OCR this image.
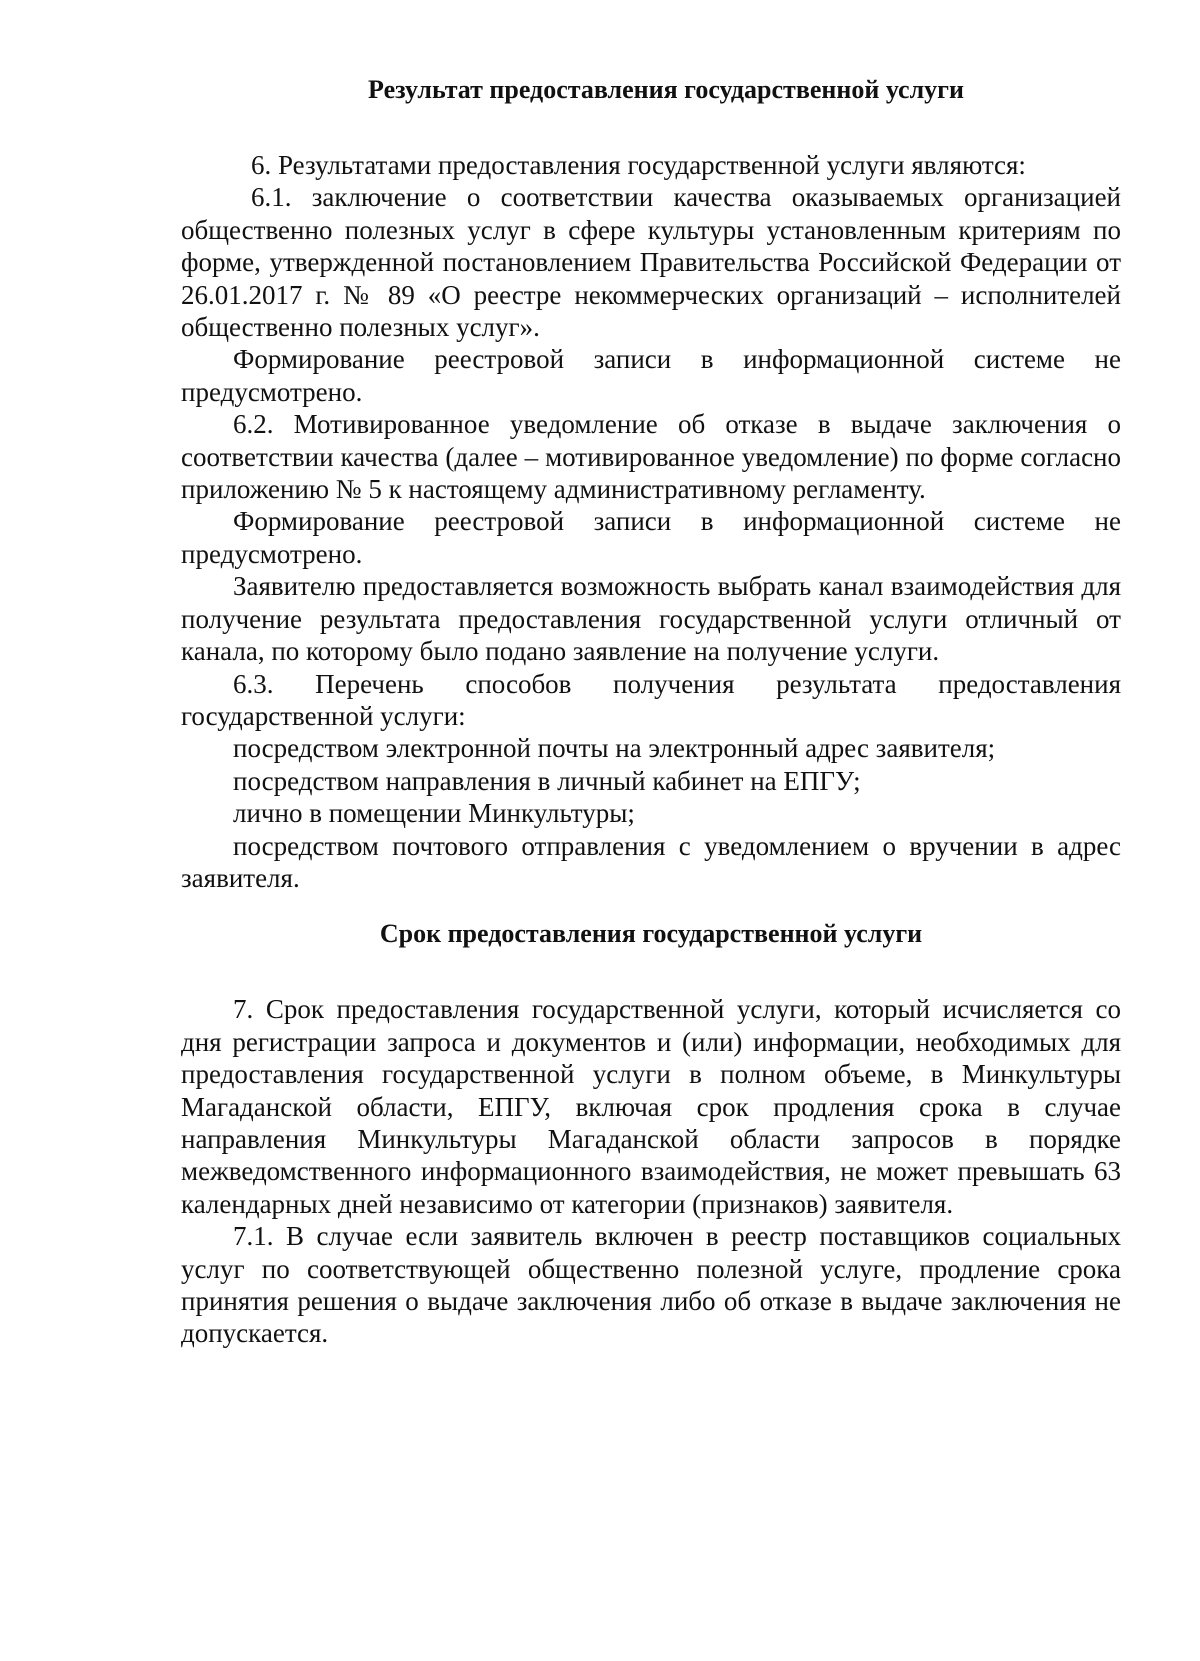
Результат предоставления государственной услуги

6. Результатами предоставления государственной услуги являются:

6.1. заключение о соответствии качества оказываемых организацией общественно полезных услуг в сфере культуры установленным критериям по форме, утвержденной постановлением Правительства Российской Федерации от 26.01.2017 г. № 89 «О реестре некоммерческих организаций – исполнителей общественно полезных услуг».

Формирование реестровой записи в информационной системе не предусмотрено.

6.2. Мотивированное уведомление об отказе в выдаче заключения о соответствии качества (далее – мотивированное уведомление) по форме согласно приложению № 5 к настоящему административному регламенту.

Формирование реестровой записи в информационной системе не предусмотрено.

Заявителю предоставляется возможность выбрать канал взаимодействия для получение результата предоставления государственной услуги отличный от канала, по которому было подано заявление на получение услуги.

6.3. Перечень способов получения результата предоставления государственной услуги:

посредством электронной почты на электронный адрес заявителя;

посредством направления в личный кабинет на ЕПГУ;

лично в помещении Минкультуры;

посредством почтового отправления с уведомлением о вручении в адрес заявителя.

Срок предоставления государственной услуги

7. Срок предоставления государственной услуги, который исчисляется со дня регистрации запроса и документов и (или) информации, необходимых для предоставления государственной услуги в полном объеме, в Минкультуры Магаданской области, ЕПГУ, включая срок продления срока в случае направления Минкультуры Магаданской области запросов в порядке межведомственного информационного взаимодействия, не может превышать 63 календарных дней независимо от категории (признаков) заявителя.

7.1. В случае если заявитель включен в реестр поставщиков социальных услуг по соответствующей общественно полезной услуге, продление срока принятия решения о выдаче заключения либо об отказе в выдаче заключения не допускается.
